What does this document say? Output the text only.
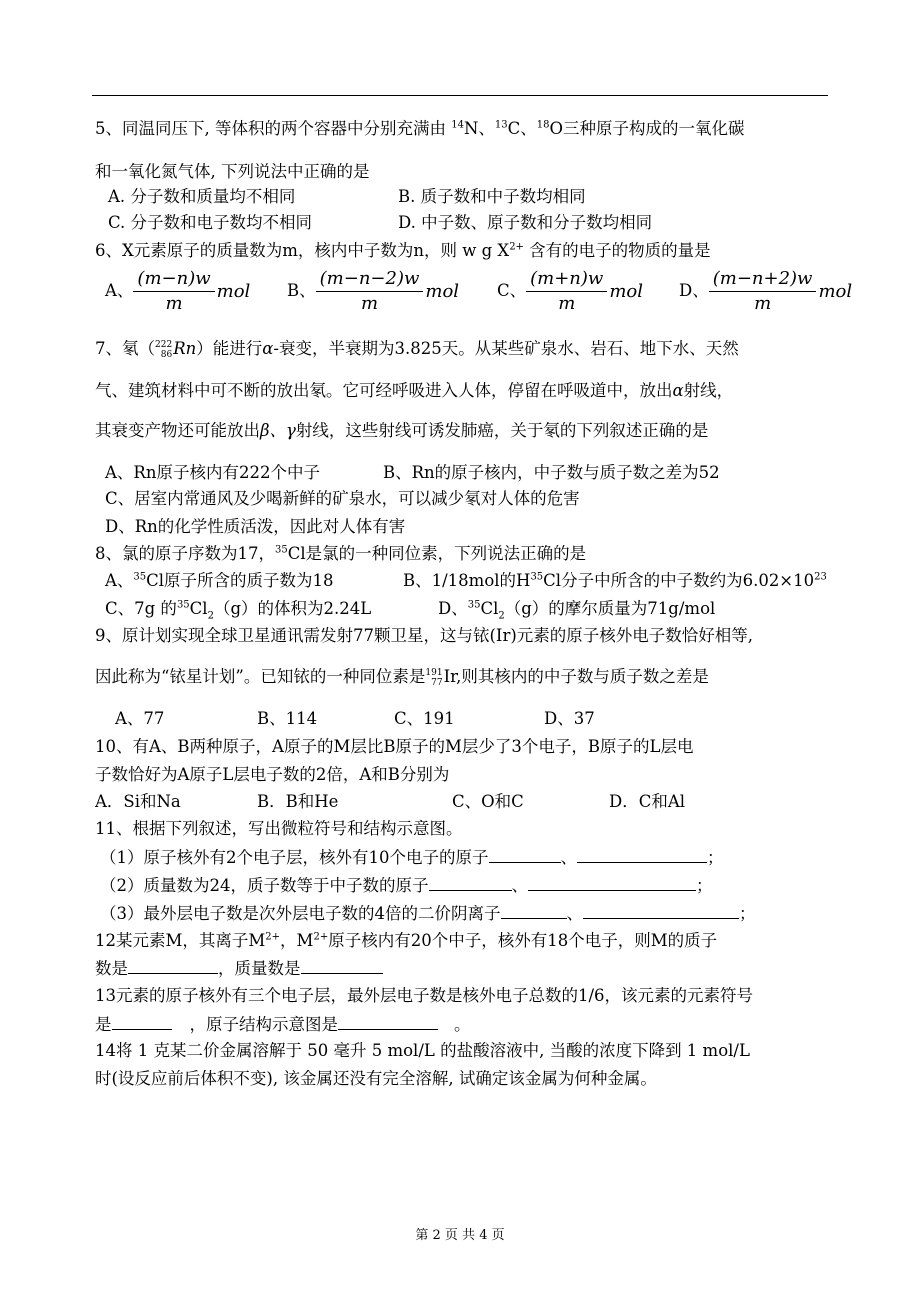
5、同温同压下, 等体积的两个容器中分别充满由 $^{14}$N、$^{13}$C、$^{18}$O三种原子构成的一氧化碳
和一氧化氮气体, 下列说法中正确的是
A. 分子数和质量均不相同	B. 质子数和中子数均相同
C. 分子数和电子数均不相同	D. 中子数、原子数和分子数均相同
6、X元素原子的质量数为m，核内中子数为n，则 w g $X^{2+}$ 含有的电子的物质的量是
A、 $\frac{(m-n)w}{m}$ mol B、 $\frac{(m-n-2)w}{m}$ mol C、 $\frac{(m+n)w}{m}$ mol D、 $\frac{(m-n+2)w}{m}$ mol
7、氡（ 222
86 Rn）能进行α-衰变，半衰期为3.825天。从某些矿泉水、岩石、地下水、天然
气、建筑材料中可不断的放出氡。它可经呼吸进入人体，停留在呼吸道中，放出α射线，
其衰变产物还可能放出β、γ射线，这些射线可诱发肺癌，关于氡的下列叙述正确的是
A、Rn原子核内有222个中子	B、Rn的原子核内，中子数与质子数之差为52
C、居室内常通风及少喝新鲜的矿泉水，可以减少氡对人体的危害
D、Rn的化学性质活泼，因此对人体有害
8、氯的原子序数为17，$^{35}$Cl是氯的一种同位素，下列说法正确的是
A、$^{35}$Cl原子所含的质子数为18	B、1/18mol的$H^{35}Cl$分子中所含的中子数约为$6.02\times 10^{23}$
C、7g 的$^{35}Cl_2(g)$的体积为2.24L	D、$^{35}Cl_2(g)$的摩尔质量为71g/mol
9、原计划实现全球卫星通讯需发射77颗卫星，这与铱(Ir)元素的原子核外电子数恰好相等,
因此称为“铱星计划”。已知铱的一种同位素是 191
77 Ir,则其核内的中子数与质子数之差是
A、77	B、114	C、191	D、37
10、有A、B两种原子，A原子的M层比B原子的M层少了3个电子，B原子的L层电
子数恰好为A原子L层电子数的2倍，A和B分别为
A．Si和Na	B．B和He	C、O和C	D．C和Al
11、根据下列叙述，写出微粒符号和结构示意图。
（1）原子核外有2个电子层，核外有10个电子的原子	、	；
（2）质量数为24，质子数等于中子数的原子	、	；
（3）最外层电子数是次外层电子数的4倍的二价阴离子	、	；
12某元素M，其离子$M^{2+}$，$M^{2+}$原子核内有20个中子，核外有18个电子，则M的质子
数是	，质量数是
13元素的原子核外有三个电子层，最外层电子数是核外电子总数的1/6，该元素的元素符号
是	，原子结构示意图是	。
14将 1 克某二价金属溶解于 50 毫升 5 mol/L 的盐酸溶液中, 当酸的浓度下降到 1 mol/L
时(设反应前后体积不变), 该金属还没有完全溶解, 试确定该金属为何种金属。
第 2 页 共 4 页
